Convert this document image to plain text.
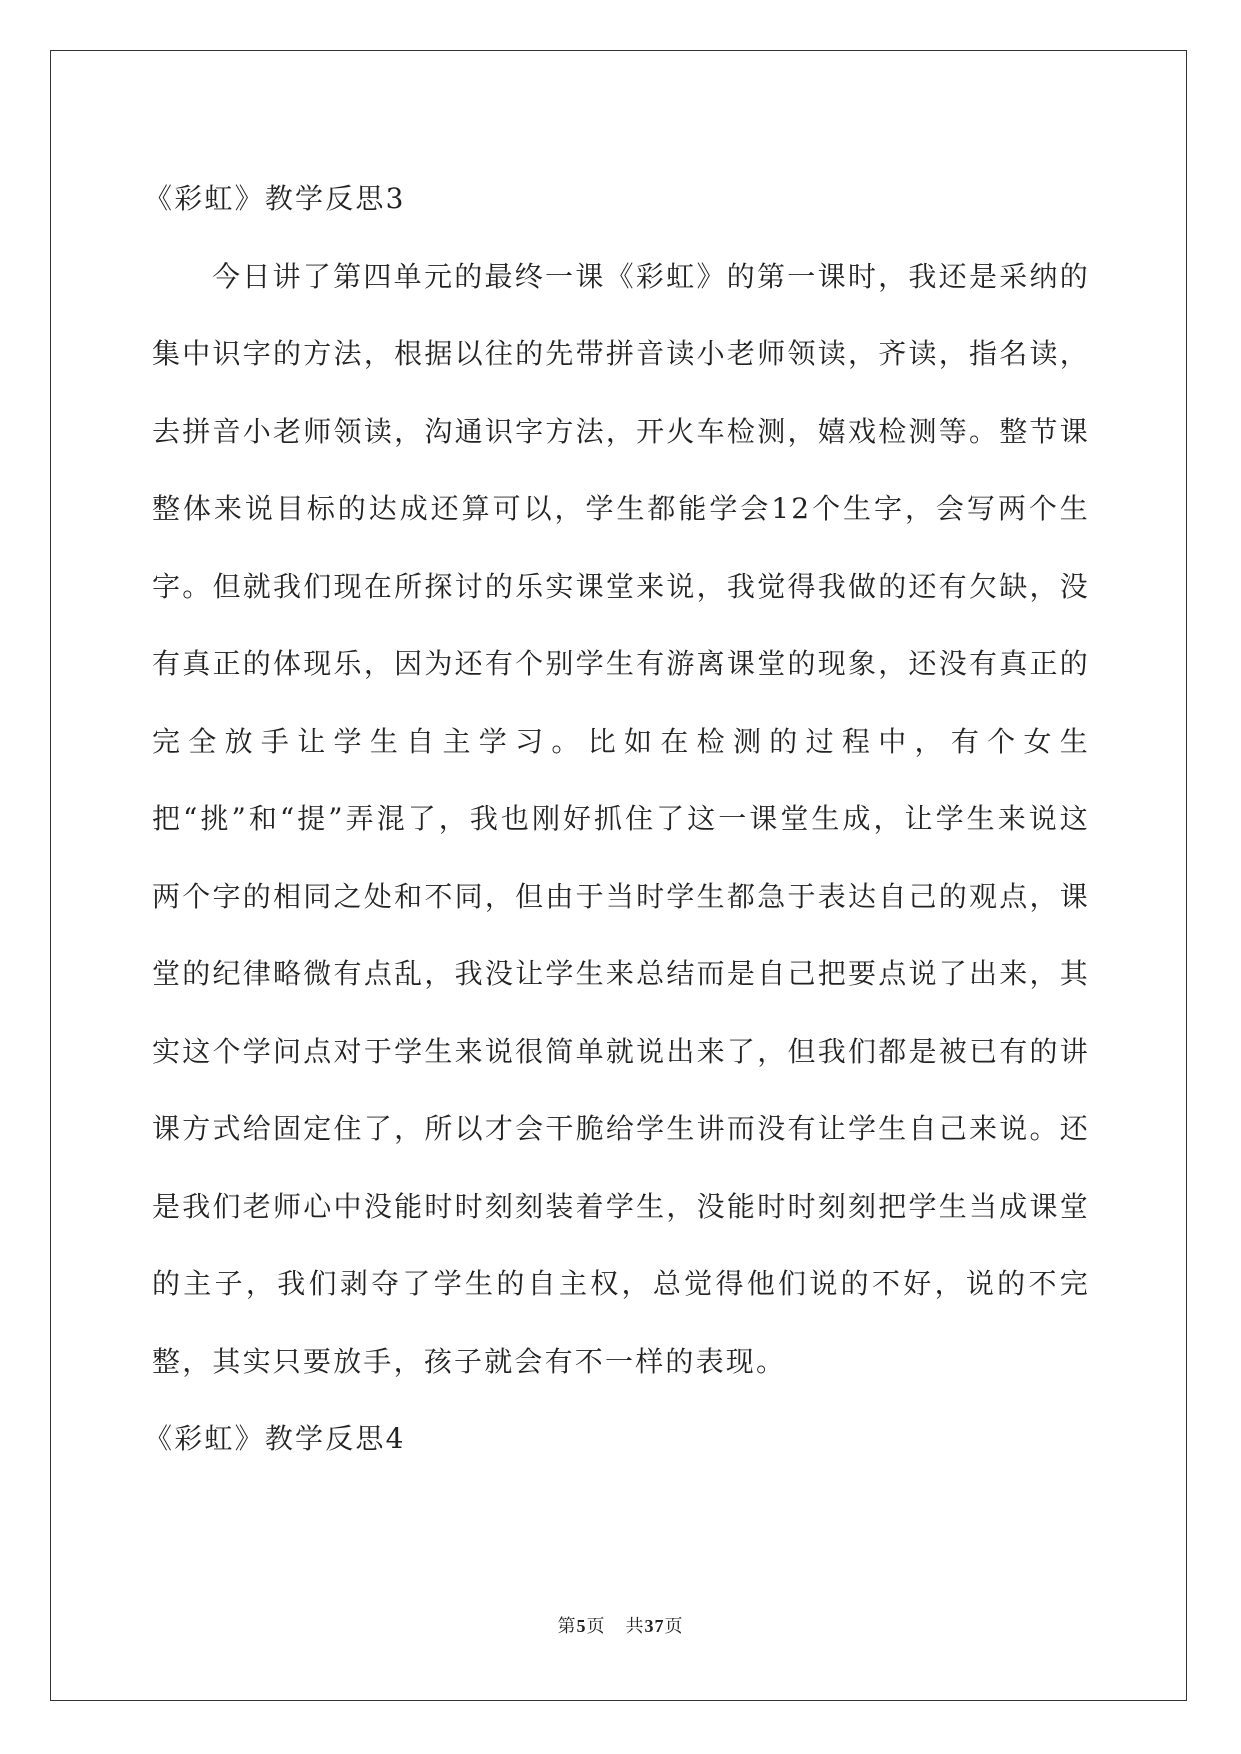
《彩虹》教学反思3

今日讲了第四单元的最终一课《彩虹》的第一课时，我还是采纳的集中识字的方法，根据以往的先带拼音读小老师领读，齐读，指名读，去拼音小老师领读，沟通识字方法，开火车检测，嬉戏检测等。整节课整体来说目标的达成还算可以，学生都能学会12个生字，会写两个生字。但就我们现在所探讨的乐实课堂来说，我觉得我做的还有欠缺，没有真正的体现乐，因为还有个别学生有游离课堂的现象，还没有真正的完全放手让学生自主学习。比如在检测的过程中，有个女生把“挑”和“提”弄混了，我也刚好抓住了这一课堂生成，让学生来说这两个字的相同之处和不同，但由于当时学生都急于表达自己的观点，课堂的纪律略微有点乱，我没让学生来总结而是自己把要点说了出来，其实这个学问点对于学生来说很简单就说出来了，但我们都是被已有的讲课方式给固定住了，所以才会干脆给学生讲而没有让学生自己来说。还是我们老师心中没能时时刻刻装着学生，没能时时刻刻把学生当成课堂的主子，我们剥夺了学生的自主权，总觉得他们说的不好，说的不完整，其实只要放手，孩子就会有不一样的表现。

《彩虹》教学反思4
第5页 共37页
